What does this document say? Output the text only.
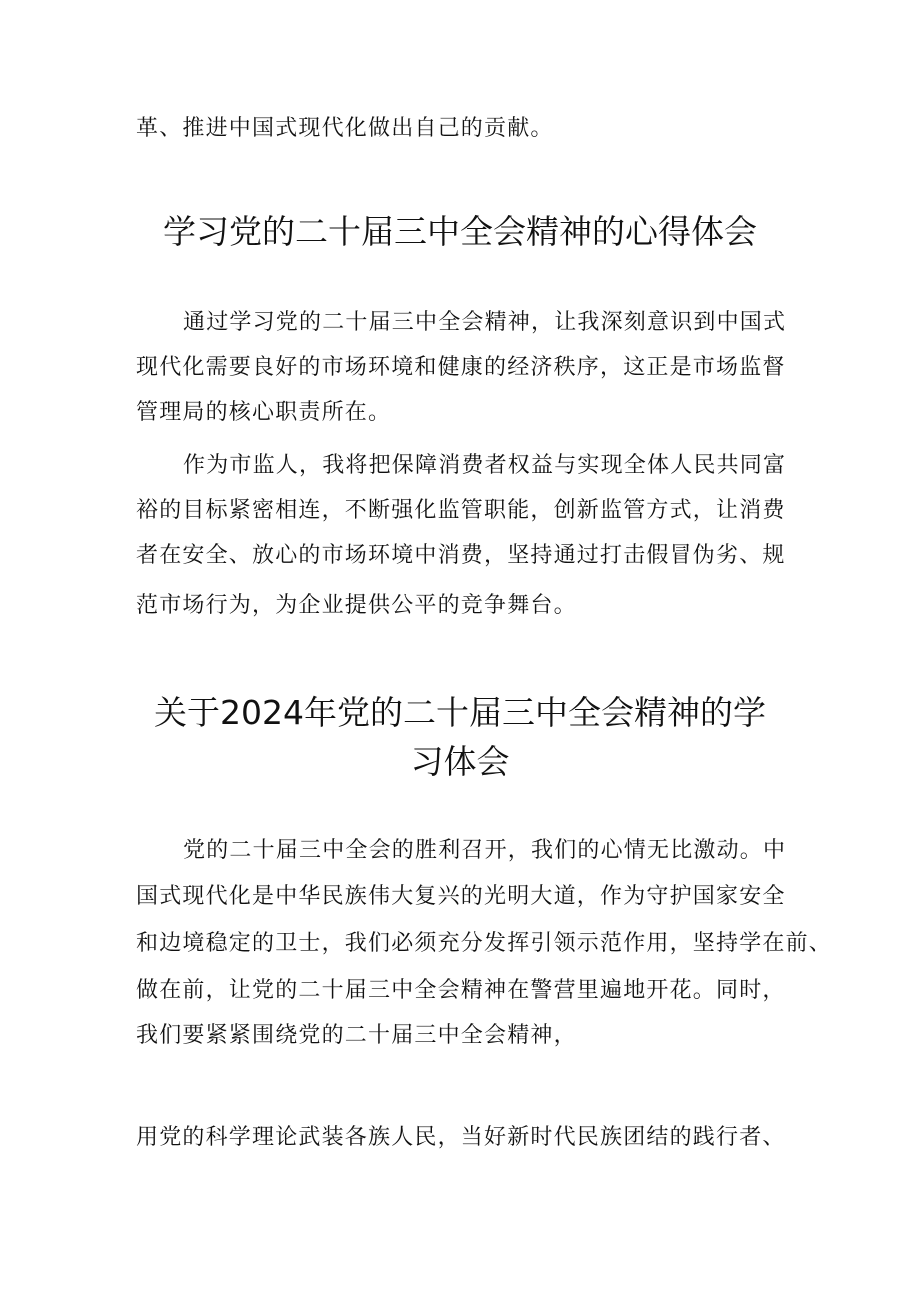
革、推进中国式现代化做出自己的贡献。
学习党的二十届三中全会精神的心得体会
通过学习党的二十届三中全会精神，让我深刻意识到中国式
现代化需要良好的市场环境和健康的经济秩序，这正是市场监督
管理局的核心职责所在。
作为市监人，我将把保障消费者权益与实现全体人民共同富
裕的目标紧密相连，不断强化监管职能，创新监管方式，让消费
者在安全、放心的市场环境中消费，坚持通过打击假冒伪劣、规
范市场行为，为企业提供公平的竞争舞台。
关于2024年党的二十届三中全会精神的学
习体会
党的二十届三中全会的胜利召开，我们的心情无比激动。中
国式现代化是中华民族伟大复兴的光明大道，作为守护国家安全
和边境稳定的卫士，我们必须充分发挥引领示范作用，坚持学在前、
做在前，让党的二十届三中全会精神在警营里遍地开花。同时，
我们要紧紧围绕党的二十届三中全会精神，
用党的科学理论武装各族人民，当好新时代民族团结的践行者、
